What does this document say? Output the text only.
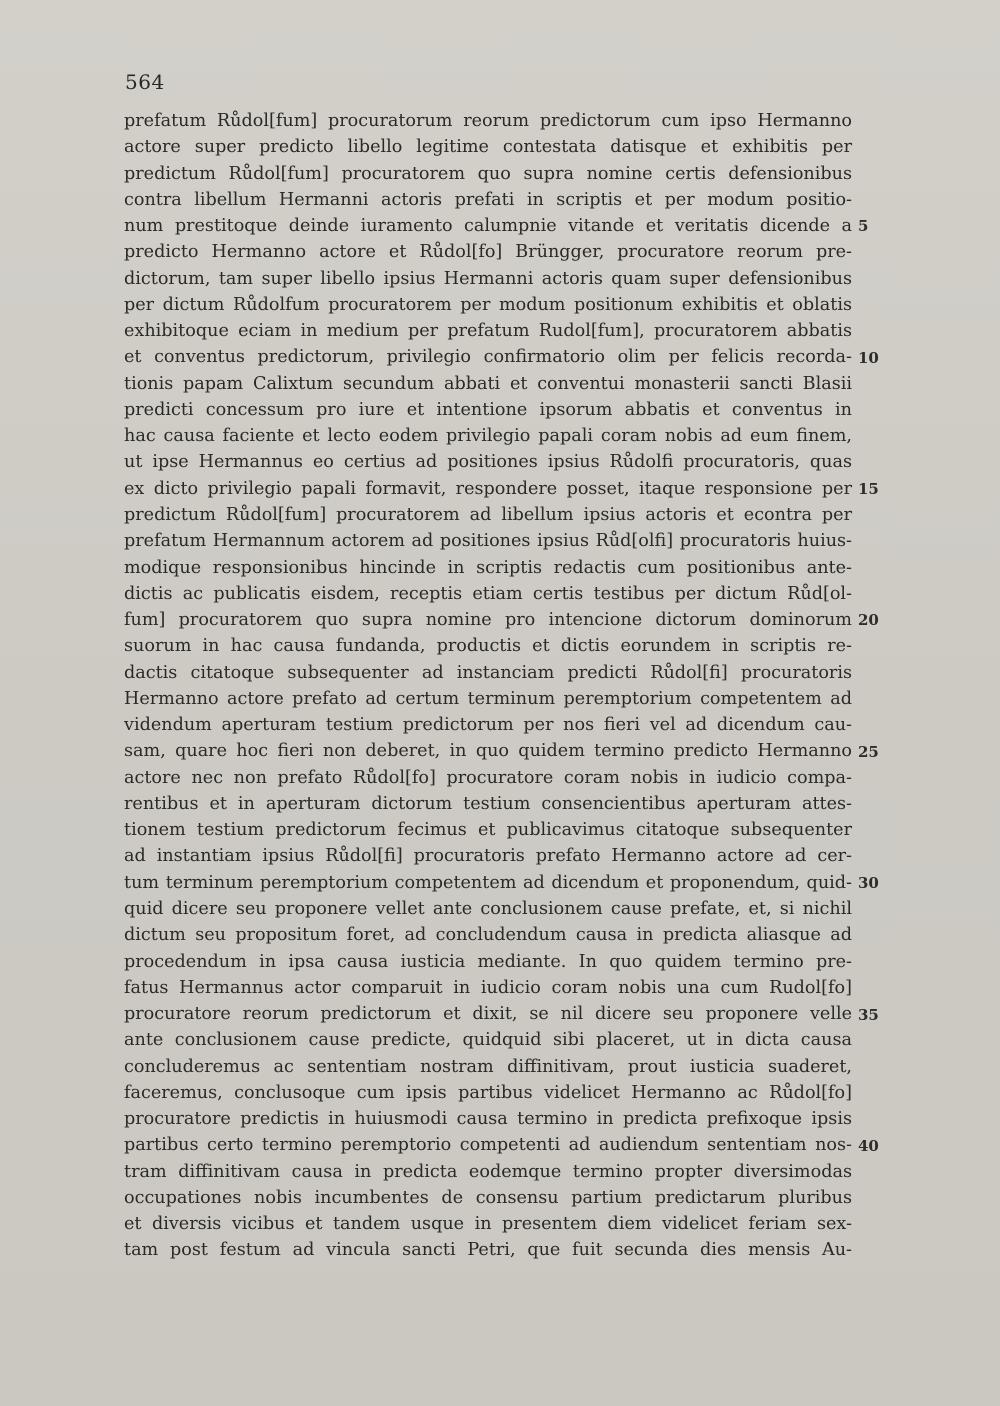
564
prefatum Růdol[fum] procuratorum reorum predictorum cum ipso Hermanno
actore super predicto libello legitime contestata datisque et exhibitis per
predictum Růdol[fum] procuratorem quo supra nomine certis defensionibus
contra libellum Hermanni actoris prefati in scriptis et per modum positio-
num prestitoque deinde iuramento calumpnie vitande et veritatis dicende a
predicto Hermanno actore et Růdol[fo] Brüngger, procuratore reorum pre-
dictorum, tam super libello ipsius Hermanni actoris quam super defensionibus
per dictum Růdolfum procuratorem per modum positionum exhibitis et oblatis
exhibitoque eciam in medium per prefatum Rudol[fum], procuratorem abbatis
et conventus predictorum, privilegio confirmatorio olim per felicis recorda-
tionis papam Calixtum secundum abbati et conventui monasterii sancti Blasii
predicti concessum pro iure et intentione ipsorum abbatis et conventus in
hac causa faciente et lecto eodem privilegio papali coram nobis ad eum finem,
ut ipse Hermannus eo certius ad positiones ipsius Růdolfi procuratoris, quas
ex dicto privilegio papali formavit, respondere posset, itaque responsione per
predictum Růdol[fum] procuratorem ad libellum ipsius actoris et econtra per
prefatum Hermannum actorem ad positiones ipsius Růd[olfi] procuratoris huius-
modique responsionibus hincinde in scriptis redactis cum positionibus ante-
dictis ac publicatis eisdem, receptis etiam certis testibus per dictum Růd[ol-
fum] procuratorem quo supra nomine pro intencione dictorum dominorum
suorum in hac causa fundanda, productis et dictis eorundem in scriptis re-
dactis citatoque subsequenter ad instanciam predicti Růdol[fi] procuratoris
Hermanno actore prefato ad certum terminum peremptorium competentem ad
videndum aperturam testium predictorum per nos fieri vel ad dicendum cau-
sam, quare hoc fieri non deberet, in quo quidem termino predicto Hermanno
actore nec non prefato Růdol[fo] procuratore coram nobis in iudicio compa-
rentibus et in aperturam dictorum testium consencientibus aperturam attes-
tionem testium predictorum fecimus et publicavimus citatoque subsequenter
ad instantiam ipsius Růdol[fi] procuratoris prefato Hermanno actore ad cer-
tum terminum peremptorium competentem ad dicendum et proponendum, quid-
quid dicere seu proponere vellet ante conclusionem cause prefate, et, si nichil
dictum seu propositum foret, ad concludendum causa in predicta aliasque ad
procedendum in ipsa causa iusticia mediante. In quo quidem termino pre-
fatus Hermannus actor comparuit in iudicio coram nobis una cum Rudol[fo]
procuratore reorum predictorum et dixit, se nil dicere seu proponere velle
ante conclusionem cause predicte, quidquid sibi placeret, ut in dicta causa
concluderemus ac sententiam nostram diffinitivam, prout iusticia suaderet,
faceremus, conclusoque cum ipsis partibus videlicet Hermanno ac Růdol[fo]
procuratore predictis in huiusmodi causa termino in predicta prefixoque ipsis
partibus certo termino peremptorio competenti ad audiendum sententiam nos-
tram diffinitivam causa in predicta eodemque termino propter diversimodas
occupationes nobis incumbentes de consensu partium predictarum pluribus
et diversis vicibus et tandem usque in presentem diem videlicet feriam sex-
tam post festum ad vincula sancti Petri, que fuit secunda dies mensis Au-
5
10
15
20
25
30
35
40
